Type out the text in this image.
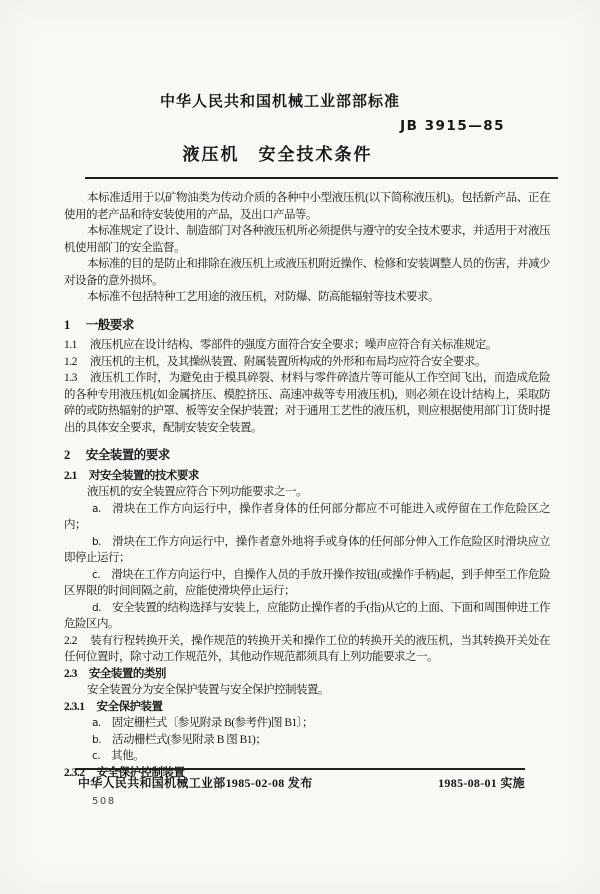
中华人民共和国机械工业部部标准
JB 3915—85
液压机　安全技术条件

本标准适用于以矿物油类为传动介质的各种中小型液压机(以下简称液压机)。包括新产品、正在使用的老产品和待安装使用的产品，及出口产品等。

本标准规定了设计、制造部门对各种液压机所必须提供与遵守的安全技术要求，并适用于对液压机使用部门的安全监督。

本标准的目的是防止和排除在液压机上或液压机附近操作、检修和安装调整人员的伤害，并减少对设备的意外损坏。

本标准不包括特种工艺用途的液压机，对防爆、防高能辐射等技术要求。

1 一般要求

1.1 液压机应在设计结构、零部件的强度方面符合安全要求；噪声应符合有关标准规定。

1.2 液压机的主机，及其操纵装置、附属装置所构成的外形和布局均应符合安全要求。

1.3 液压机工作时，为避免由于模具碎裂、材料与零件碎渣片等可能从工作空间飞出，而造成危险的各种专用液压机(如金属挤压、模腔挤压、高速冲裁等专用液压机)，则必须在设计结构上，采取防碎的或防热辐射的护罩、板等安全保护装置；对于通用工艺性的液压机，则应根据使用部门订货时提出的具体安全要求，配制安装安全装置。

2 安全装置的要求

2.1 对安全装置的技术要求

液压机的安全装置应符合下列功能要求之一。

a. 滑块在工作方向运行中，操作者身体的任何部分都应不可能进入或停留在工作危险区之内；

b. 滑块在工作方向运行中，操作者意外地将手或身体的任何部分伸入工作危险区时滑块应立即停止运行；

c. 滑块在工作方向运行中，自操作人员的手放开操作按钮(或操作手柄)起，到手伸至工作危险区界限的时间间隔之前，应能使滑块停止运行；

d. 安全装置的结构选择与安装上，应能防止操作者的手(指)从它的上面、下面和周围伸进工作危险区内。

2.2 装有行程转换开关，操作规范的转换开关和操作工位的转换开关的液压机，当其转换开关处在任何位置时，除寸动工作规范外，其他动作规范都须具有上列功能要求之一。

2.3 安全装置的类别

安全装置分为安全保护装置与安全保护控制装置。

2.3.1 安全保护装置

a. 固定栅栏式〔参见附录 B(参考件)图 B1〕；

b. 活动栅栏式(参见附录 B 图 B1)；

c. 其他。

2.3.2 安全保护控制装置

中华人民共和国机械工业部1985-02-08 发布	1985-08-01 实施
508
